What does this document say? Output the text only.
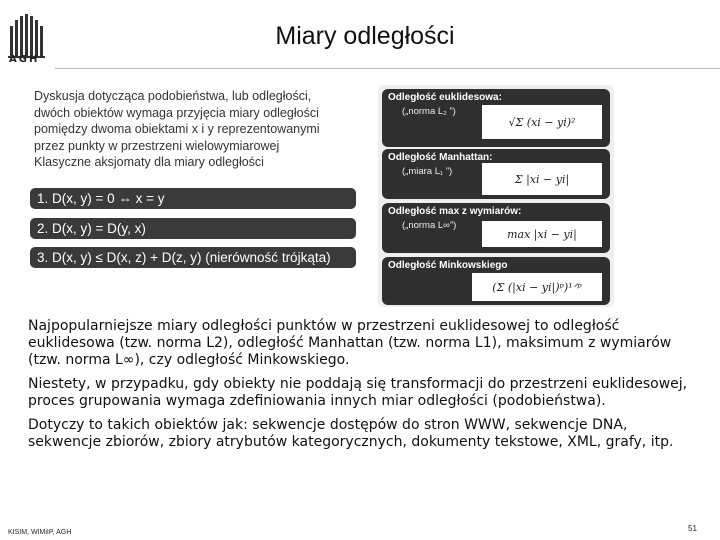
AGH
Miary odległości

Dyskusja dotycząca podobieństwa, lub odległości,

dwóch obiektów wymaga przyjęcia miary odległości

pomiędzy dwoma obiektami x i y reprezentowanymi

przez punkty w przestrzeni wielowymiarowej

Klasyczne aksjomaty dla miary odległości

1. D(x, y) = 0 ⇔ x = y
2. D(x, y) = D(y, x)
3. D(x, y) ≤ D(x, z) + D(z, y) (nierówność trójkąta)
Odległość euklidesowa:
(„norma L₂ ”)
√Σ (xi − yi)²
Odległość Manhattan:
(„miara L₁ ”)
Σ |xi − yi|
Odległość max z wymiarów:
(„norma L∞”)
max |xi − yi|
Odległość Minkowskiego
(Σ (|xi − yi|)ᵖ)¹ᐟᵖ

Najpopularniejsze miary odległości punktów w przestrzeni euklidesowej to odległość euklidesowa (tzw. norma L2), odległość Manhattan (tzw. norma L1), maksimum z wymiarów (tzw. norma L∞), czy odległość Minkowskiego.

Niestety, w przypadku, gdy obiekty nie poddają się transformacji do przestrzeni euklidesowej, proces grupowania wymaga zdefiniowania innych miar odległości (podobieństwa).

Dotyczy to takich obiektów jak: sekwencje dostępów do stron WWW, sekwencje DNA, sekwencje zbiorów, zbiory atrybutów kategorycznych, dokumenty tekstowe, XML, grafy, itp.

KISIM, WIMiIP, AGH	51
